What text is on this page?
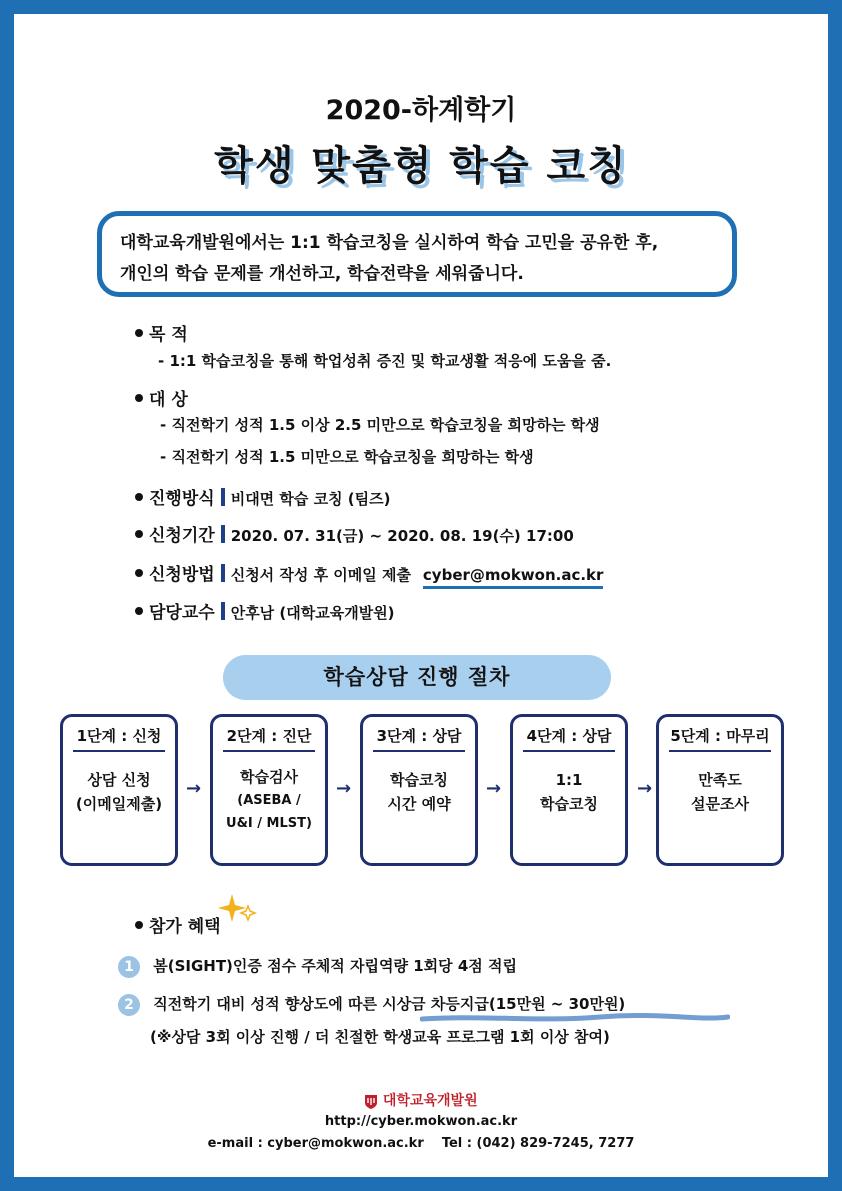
2020-하계학기
학생 맞춤형 학습 코칭
대학교육개발원에서는 1:1 학습코칭을 실시하여 학습 고민을 공유한 후,
개인의 학습 문제를 개선하고, 학습전략을 세워줍니다.
목 적
- 1:1 학습코칭을 통해 학업성취 증진 및 학교생활 적응에 도움을 줌.
대 상
- 직전학기 성적 1.5 이상 2.5 미만으로 학습코칭을 희망하는 학생
- 직전학기 성적 1.5 미만으로 학습코칭을 희망하는 학생
진행방식 비대면 학습 코칭 (팀즈)
신청기간 2020. 07. 31(금) ~ 2020. 08. 19(수) 17:00
신청방법 신청서 작성 후 이메일 제출 cyber@mokwon.ac.kr
담당교수 안후남 (대학교육개발원)
학습상담 진행 절차
1단계 : 신청
상담 신청
(이메일제출)
→
2단계 : 진단
학습검사
(ASEBA /
U&I / MLST)
→
3단계 : 상담
학습코칭
시간 예약
→
4단계 : 상담
1:1
학습코칭
→
5단계 : 마무리
만족도
설문조사
참가 혜택
1 봄(SIGHT)인증 점수 주체적 자립역량 1회당 4점 적립
2 직전학기 대비 성적 향상도에 따른 시상금 차등지급(15만원 ~ 30만원)
(※상담 3회 이상 진행 / 더 친절한 학생교육 프로그램 1회 이상 참여)
대학교육개발원
http://cyber.mokwon.ac.kr
e-mail : cyber@mokwon.ac.kr    Tel : (042) 829-7245, 7277
